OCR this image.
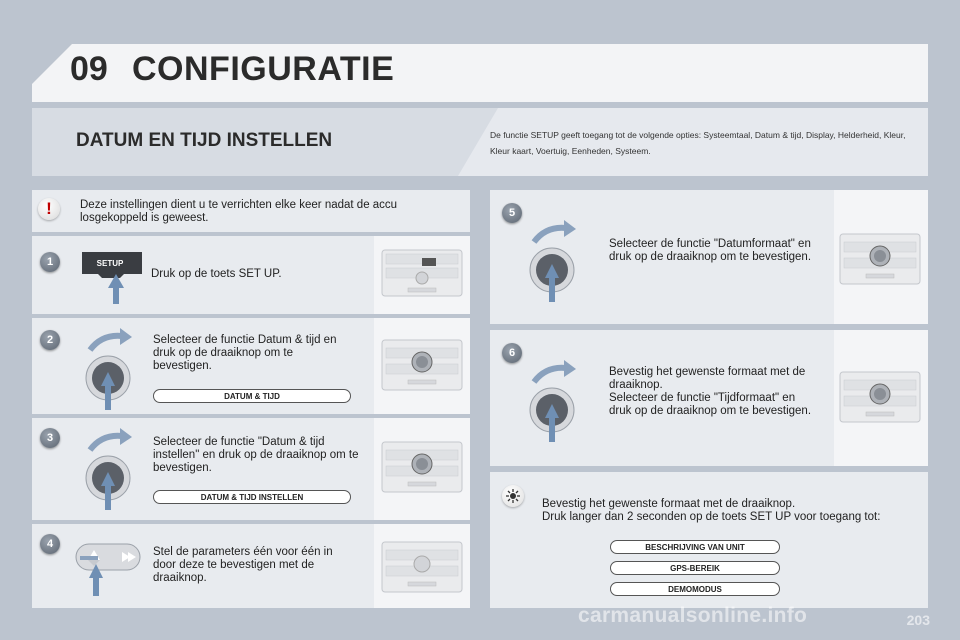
09 CONFIGURATIE
DATUM EN TIJD INSTELLEN	De functie SETUP geeft toegang tot de volgende opties: Systeemtaal, Datum & tijd, Display, Helderheid, Kleur, Kleur kaart, Voertuig, Eenheden, Systeem.
!	Deze instellingen dient u te verrichten elke keer nadat de accu losgekoppeld is geweest.
1	SETUP
Druk op de toets SET UP.
2	Selecteer de functie Datum & tijd en druk op de draaiknop om te bevestigen.
DATUM & TIJD
3	Selecteer de functie "Datum & tijd instellen" en druk op de draaiknop om te bevestigen.
DATUM & TIJD INSTELLEN
4
Stel de parameters één voor één in door deze te bevestigen met de draaiknop.
5
Selecteer de functie "Datumformaat" en druk op de draaiknop om te bevestigen.
6
Bevestig het gewenste formaat met de draaiknop.
Selecteer de functie "Tijdformaat" en druk op de draaiknop om te bevestigen.
Bevestig het gewenste formaat met de draaiknop.
Druk langer dan 2 seconden op de toets SET UP voor toegang tot:
BESCHRIJVING VAN UNIT
GPS-BEREIK
DEMOMODUS
carmanualsonline.info	203
